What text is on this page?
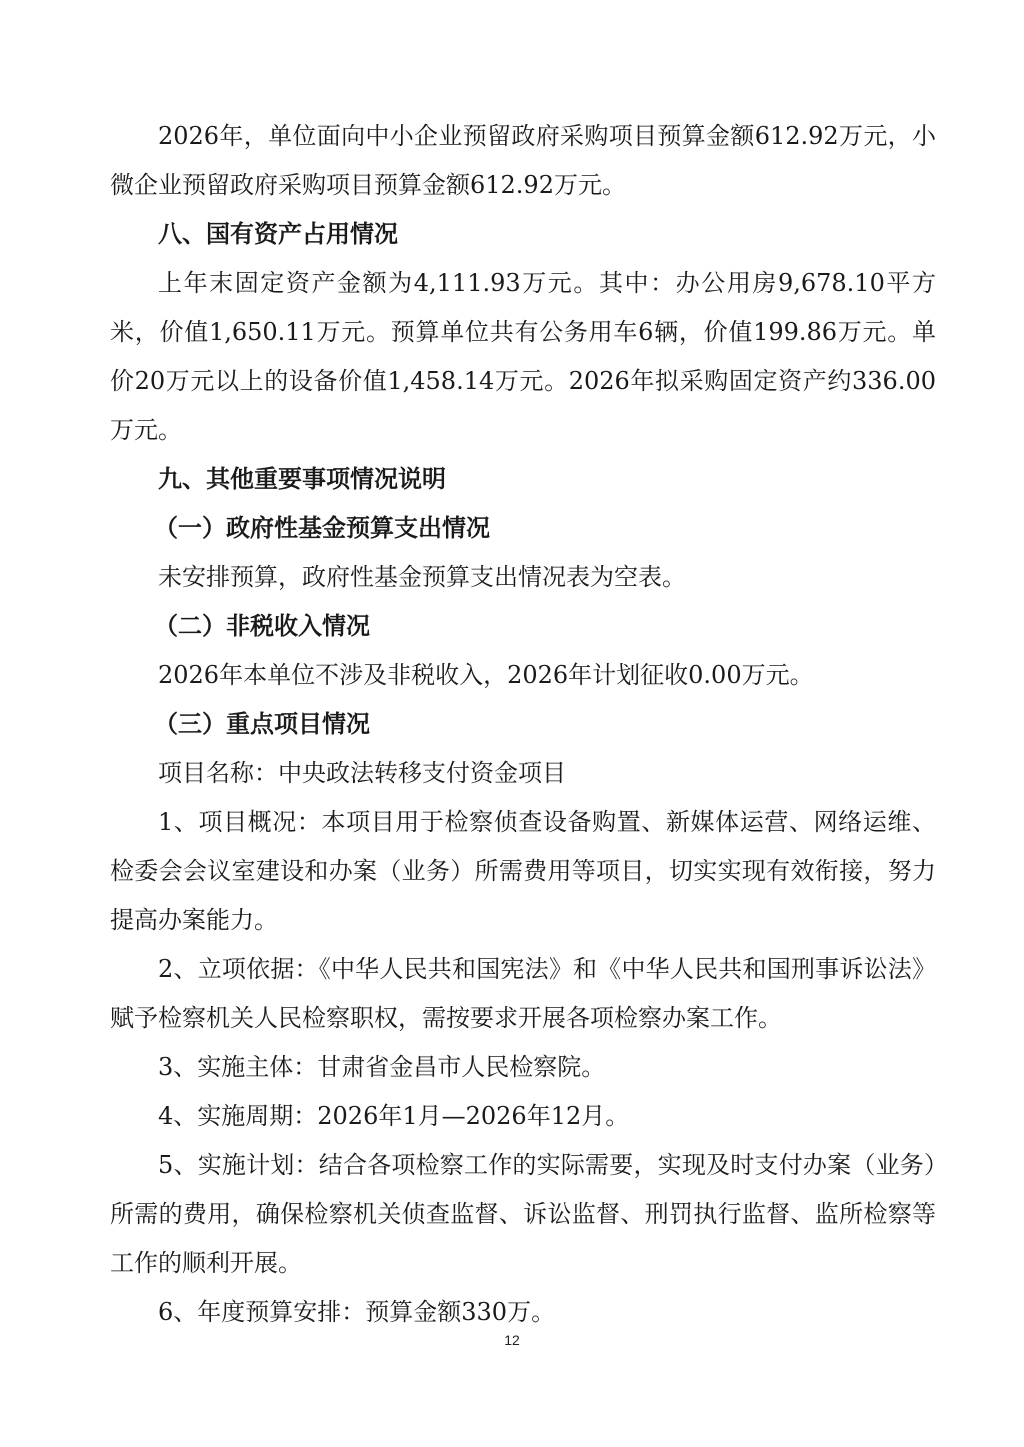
2026年，单位面向中小企业预留政府采购项目预算金额612.92万元，小微企业预留政府采购项目预算金额612.92万元。

八、国有资产占用情况

上年末固定资产金额为4,111.93万元。其中：办公用房9,678.10平方米，价值1,650.11万元。预算单位共有公务用车6辆，价值199.86万元。单价20万元以上的设备价值1,458.14万元。2026年拟采购固定资产约336.00万元。

九、其他重要事项情况说明

（一）政府性基金预算支出情况

未安排预算，政府性基金预算支出情况表为空表。

（二）非税收入情况

2026年本单位不涉及非税收入，2026年计划征收0.00万元。

（三）重点项目情况

项目名称：中央政法转移支付资金项目

1、项目概况：本项目用于检察侦查设备购置、新媒体运营、网络运维、检委会会议室建设和办案（业务）所需费用等项目，切实实现有效衔接，努力提高办案能力。

2、立项依据：《中华人民共和国宪法》和《中华人民共和国刑事诉讼法》赋予检察机关人民检察职权，需按要求开展各项检察办案工作。

3、实施主体：甘肃省金昌市人民检察院。

4、实施周期：2026年1月—2026年12月。

5、实施计划：结合各项检察工作的实际需要，实现及时支付办案（业务）所需的费用，确保检察机关侦查监督、诉讼监督、刑罚执行监督、监所检察等工作的顺利开展。

6、年度预算安排：预算金额330万。

12
